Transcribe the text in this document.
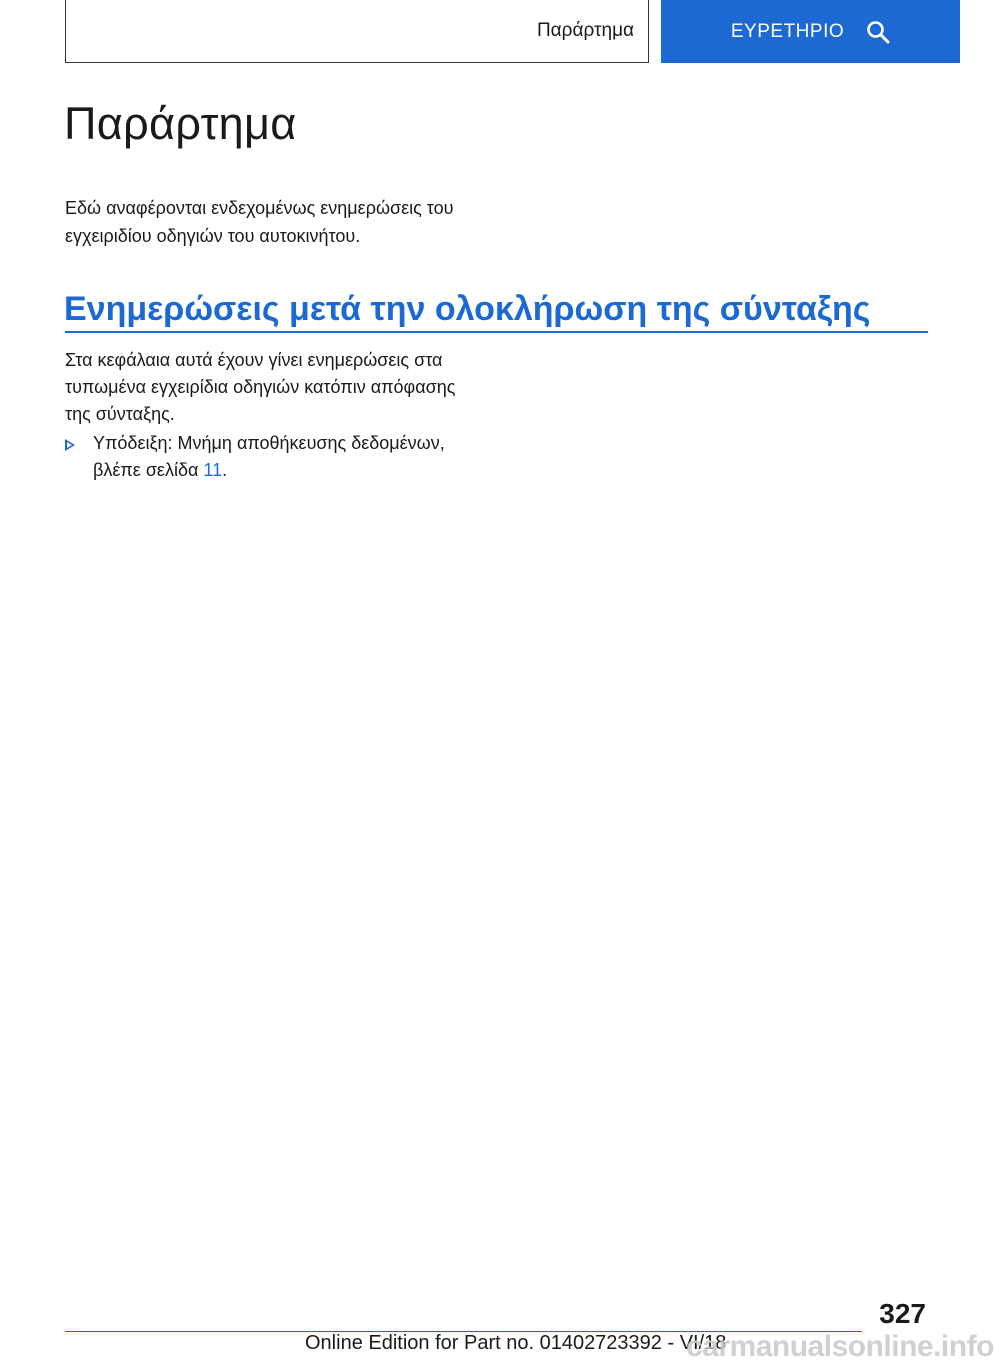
Παράρτημα	ΕΥΡΕΤΗΡΙΟ
Παράρτημα

Εδώ αναφέρονται ενδεχομένως ενημερώσεις του
εγχειριδίου οδηγιών του αυτοκινήτου.

Ενημερώσεις μετά την ολοκλήρωση της σύνταξης

Στα κεφάλαια αυτά έχουν γίνει ενημερώσεις στα
τυπωμένα εγχειρίδια οδηγιών κατόπιν απόφασης
της σύνταξης.

Υπόδειξη: Μνήμη αποθήκευσης δεδομένων,
βλέπε σελίδα 11.
327
Online Edition for Part no. 01402723392 - VI/18
carmanualsonline.info
